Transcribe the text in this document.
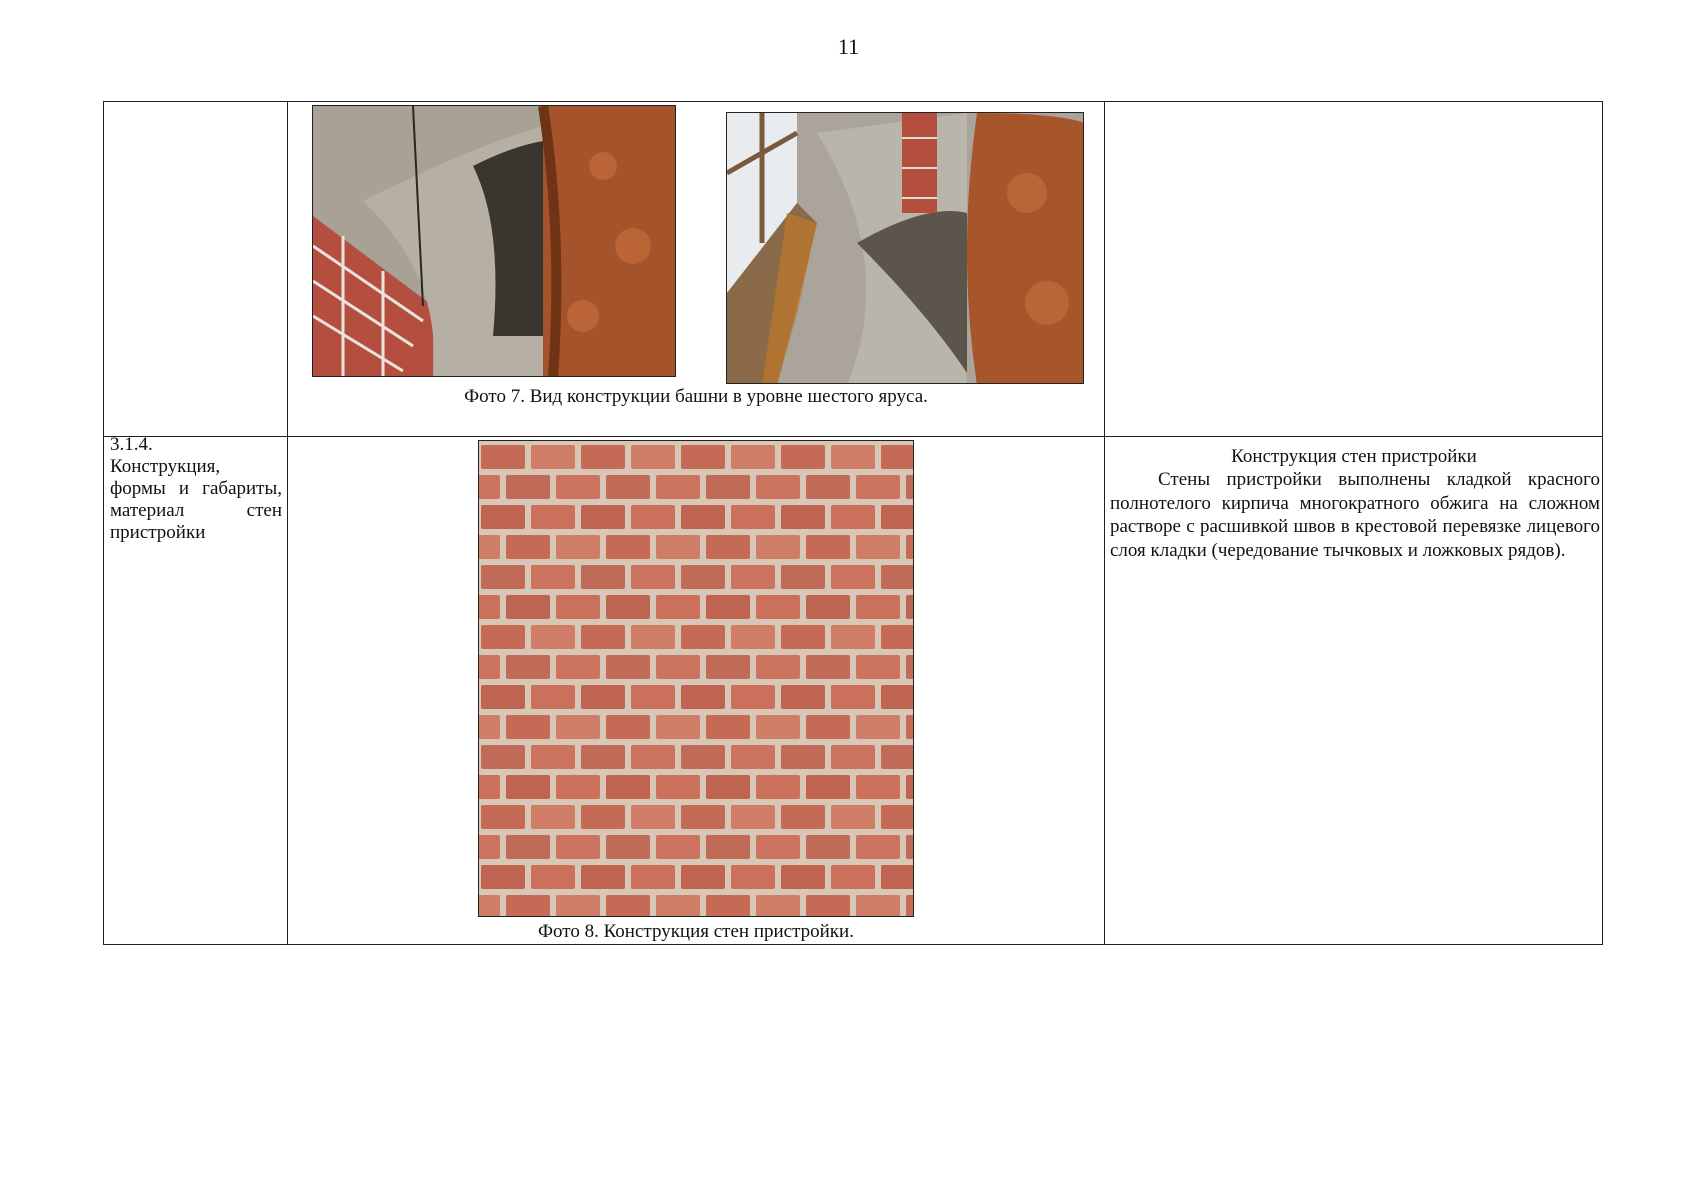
11
Фото 7. Вид конструкции башни в уровне шестого яруса.
3.1.4.
Конструкция,
формы и габариты,
материал стен
пристройки
Фото 8. Конструкция стен пристройки.
Конструкция стен пристройки
Стены пристройки выполнены кладкой красного полнотелого кирпича многократного обжига на сложном растворе с расшивкой швов в крестовой перевязке лицевого слоя кладки (чередование тычковых и ложковых рядов).
